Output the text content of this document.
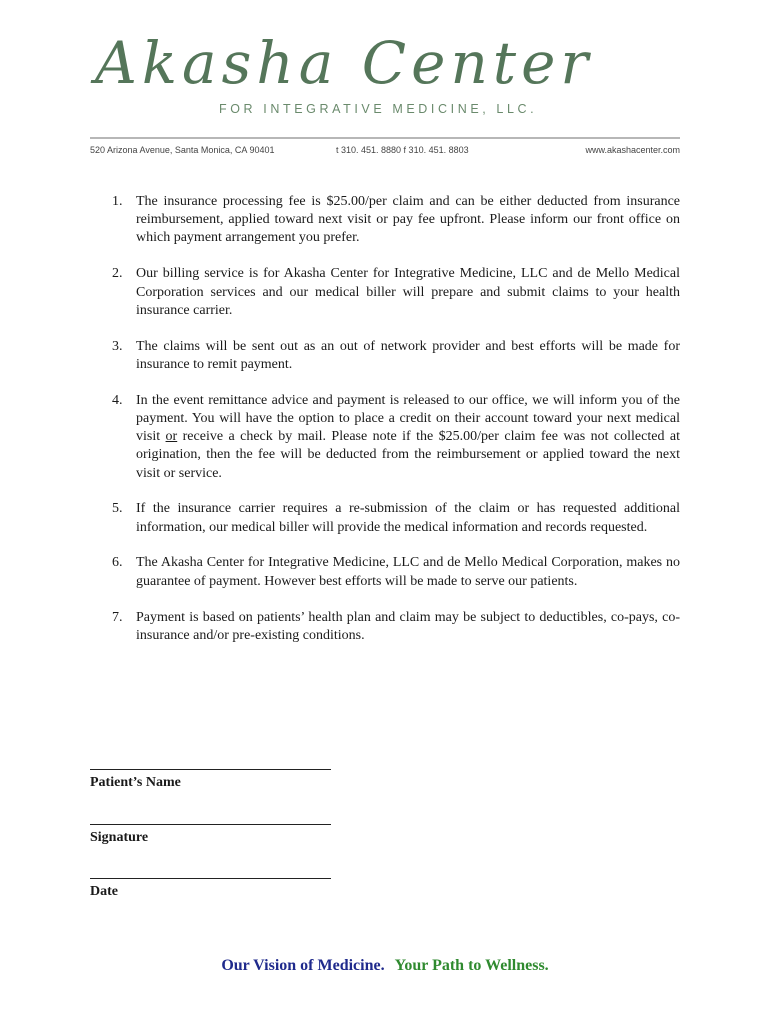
Akasha Center
FOR INTEGRATIVE MEDICINE, LLC.
520 Arizona Avenue, Santa Monica, CA 90401	t 310. 451. 8880 f 310. 451. 8803	www.akashacenter.com
1. The insurance processing fee is $25.00/per claim and can be either deducted from insurance reimbursement, applied toward next visit or pay fee upfront. Please inform our front office on which payment arrangement you prefer.
2. Our billing service is for Akasha Center for Integrative Medicine, LLC and de Mello Medical Corporation services and our medical biller will prepare and submit claims to your health insurance carrier.
3. The claims will be sent out as an out of network provider and best efforts will be made for insurance to remit payment.
4. In the event remittance advice and payment is released to our office, we will inform you of the payment. You will have the option to place a credit on their account toward your next medical visit or receive a check by mail. Please note if the $25.00/per claim fee was not collected at origination, then the fee will be deducted from the reimbursement or applied toward the next visit or service.
5. If the insurance carrier requires a re-submission of the claim or has requested additional information, our medical biller will provide the medical information and records requested.
6. The Akasha Center for Integrative Medicine, LLC and de Mello Medical Corporation, makes no guarantee of payment. However best efforts will be made to serve our patients.
7. Payment is based on patients’ health plan and claim may be subject to deductibles, co-pays, co-insurance and/or pre-existing conditions.
Patient’s Name
Signature
Date
Our Vision of Medicine. Your Path to Wellness.
